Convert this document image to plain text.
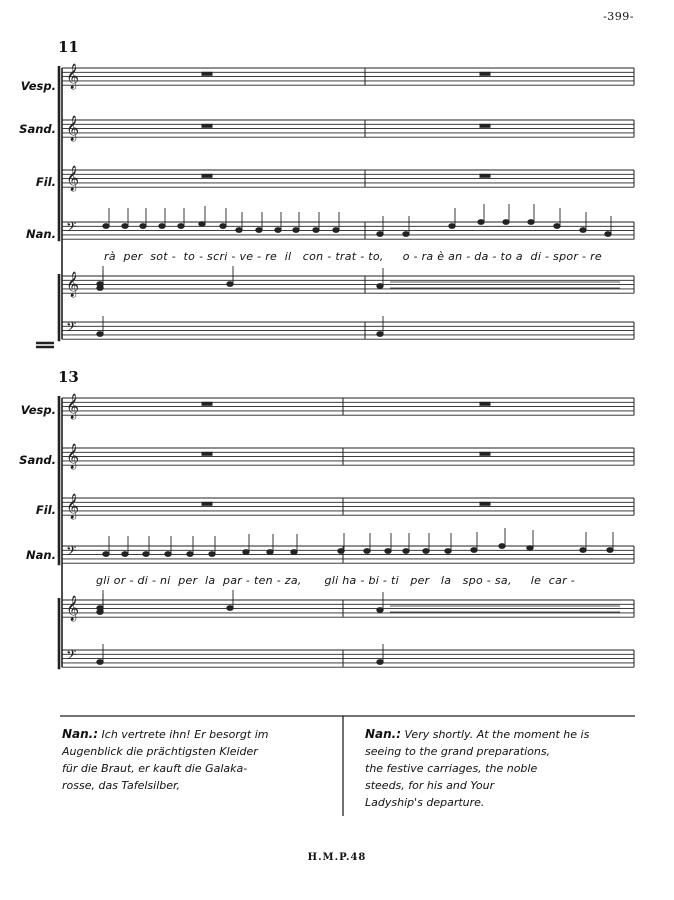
-399-
𝄞
𝄞
𝄞
𝄢
𝄞
𝄢
𝄞
𝄞
𝄞
𝄢
𝄞
𝄢
11
Vesp.
Sand.
Fil.
Nan.
rà  per  sot -  to - scri - ve - re  il   con - trat - to,     o - ra è an - da - to a  di - spor - re
13
Vesp.
Sand.
Fil.
Nan.
gli or - di - ni  per  la  par - ten - za,      gli ha - bi - ti   per   la   spo - sa,     le  car -
Nan.: Ich vertrete ihn! Er besorgt im
Augenblick die prächtigsten Kleider
für die Braut, er kauft die Galaka-
rosse, das Tafelsilber,
Nan.: Very shortly. At the moment he is
seeing to the grand preparations,
the festive carriages, the noble
steeds, for his and Your
Ladyship's departure.
H.M.P.48
